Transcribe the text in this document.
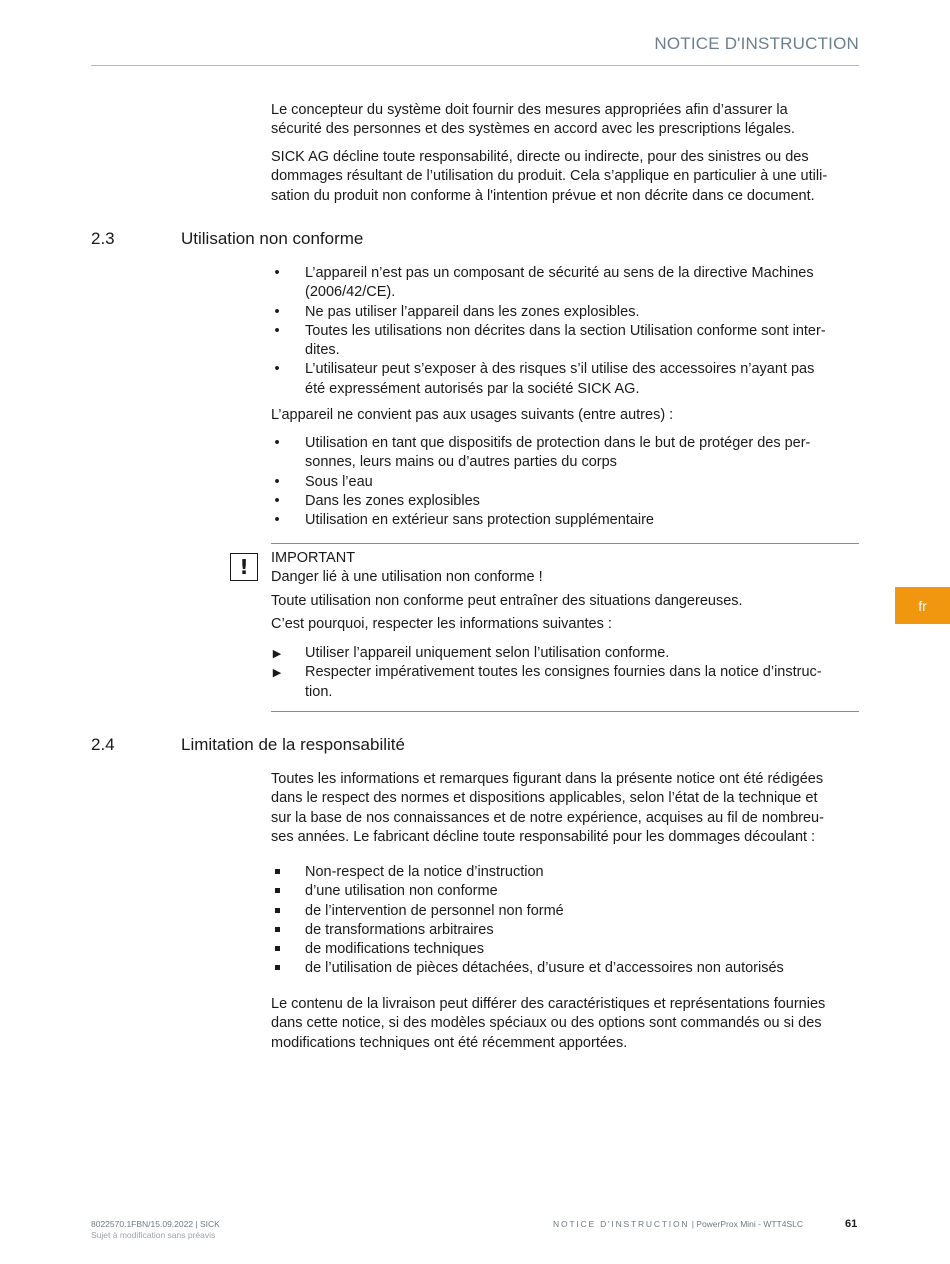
NOTICE D'INSTRUCTION
fr

Le concepteur du système doit fournir des mesures appropriées afin d’assurer la

sécurité des personnes et des systèmes en accord avec les prescriptions légales.

SICK AG décline toute responsabilité, directe ou indirecte, pour des sinistres ou des

dommages résultant de l’utilisation du produit. Cela s’applique en particulier à une utili-

sation du produit non conforme à l'intention prévue et non décrite dans ce document.

2.3	Utilisation non conforme
•
L’appareil n’est pas un composant de sécurité au sens de la directive Machines
(2006/42/CE).
•
Ne pas utiliser l’appareil dans les zones explosibles.
•
Toutes les utilisations non décrites dans la section Utilisation conforme sont inter-
dites.
•
L’utilisateur peut s’exposer à des risques s’il utilise des accessoires n’ayant pas
été expressément autorisés par la société SICK AG.
L’appareil ne convient pas aux usages suivants (entre autres) :
•
Utilisation en tant que dispositifs de protection dans le but de protéger des per-
sonnes, leurs mains ou d’autres parties du corps
•
Sous l’eau
•
Dans les zones explosibles
•
Utilisation en extérieur sans protection supplémentaire
!	IMPORTANT

Danger lié à une utilisation non conforme !

Toute utilisation non conforme peut entraîner des situations dangereuses.
C’est pourquoi, respecter les informations suivantes :
▶
Utiliser l’appareil uniquement selon l’utilisation conforme.
▶
Respecter impérativement toutes les consignes fournies dans la notice d’instruc-
tion.
2.4	Limitation de la responsabilité

Toutes les informations et remarques figurant dans la présente notice ont été rédigées

dans le respect des normes et dispositions applicables, selon l’état de la technique et

sur la base de nos connaissances et de notre expérience, acquises au fil de nombreu-

ses années. Le fabricant décline toute responsabilité pour les dommages découlant :

Non-respect de la notice d’instruction
d’une utilisation non conforme
de l’intervention de personnel non formé
de transformations arbitraires
de modifications techniques
de l’utilisation de pièces détachées, d’usure et d’accessoires non autorisés

Le contenu de la livraison peut différer des caractéristiques et représentations fournies

dans cette notice, si des modèles spéciaux ou des options sont commandés ou si des

modifications techniques ont été récemment apportées.

8022570.1FBN/15.09.2022 | SICK
Sujet à modification sans préavis
NOTICE D'INSTRUCTION | PowerProx Mini - WTT4SLC	61
